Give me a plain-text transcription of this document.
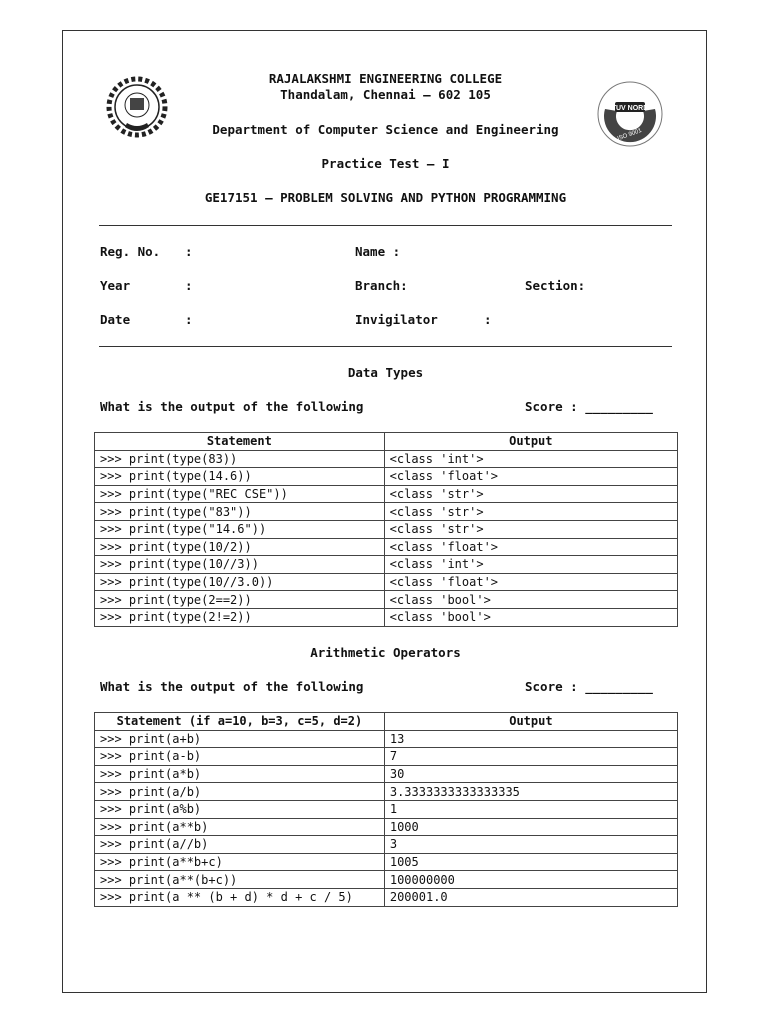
TUV NORD
ISO 9001
RAJALAKSHMI ENGINEERING COLLEGE
Thandalam, Chennai – 602 105
Department of Computer Science and Engineering
Practice Test – I
GE17151 – PROBLEM SOLVING AND PYTHON PROGRAMMING
Reg. No. :	Name :
Year	:	Branch:	Section:
Date	:	Invigilator	:
Data Types
What is the output of the following	Score : _________
Statement	Output
>>> print(type(83))	<class 'int'>
>>> print(type(14.6))	<class 'float'>
>>> print(type("REC CSE"))	<class 'str'>
>>> print(type("83"))	<class 'str'>
>>> print(type("14.6"))	<class 'str'>
>>> print(type(10/2))	<class 'float'>
>>> print(type(10//3))	<class 'int'>
>>> print(type(10//3.0))	<class 'float'>
>>> print(type(2==2))	<class 'bool'>
>>> print(type(2!=2))	<class 'bool'>
Arithmetic Operators
What is the output of the following	Score : _________
Statement (if a=10, b=3, c=5, d=2)	Output
>>> print(a+b)	13
>>> print(a-b)	7
>>> print(a*b)	30
>>> print(a/b)	3.3333333333333335
>>> print(a%b)	1
>>> print(a**b)	1000
>>> print(a//b)	3
>>> print(a**b+c)	1005
>>> print(a**(b+c))	100000000
>>> print(a ** (b + d) * d + c / 5)	200001.0
